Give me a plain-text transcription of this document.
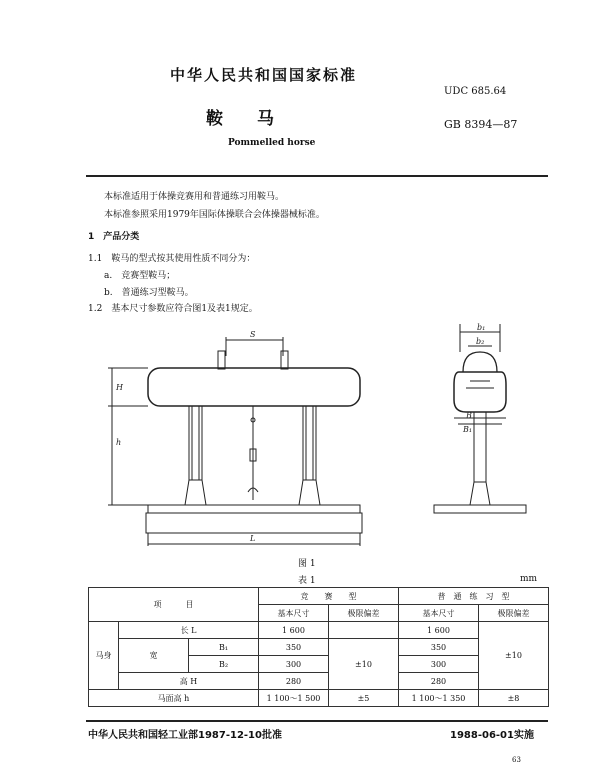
中华人民共和国国家标准
UDC 685.64
鞍　　马	GB 8394—87
Pommelled horse
本标准适用于体操竞赛用和普通练习用鞍马。
本标准参照采用1979年国际体操联合会体操器械标准。
1　产品分类
1.1　鞍马的型式按其使用性质不同分为：
a.　竞赛型鞍马；
b.　普通练习型鞍马。
1.2　基本尺寸参数应符合图1及表1规定。
S
H
h
L
b₁
b₂
B
B₁
图 1
表 1	mm
项　　　目			竞　　赛　　型		普　通　练　习　型	
			基本尺寸	极限偏差	基本尺寸	极限偏差
马身	长 L		1 600		1 600	±10
	宽	B₁	350	±10	350	
		B₂	300		300	
	高 H		280		280	
马面高 h			1 100～1 500	±5	1 100～1 350	±8
中华人民共和国轻工业部1987-12-10批准	1988-06-01实施
63
